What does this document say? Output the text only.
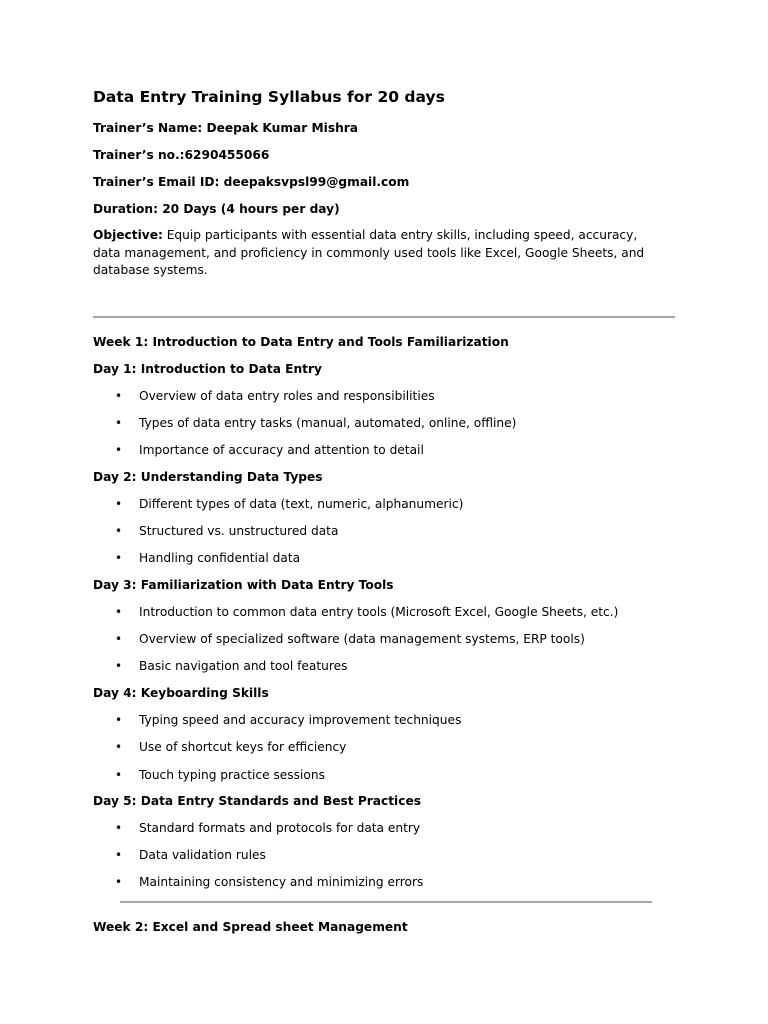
Data Entry Training Syllabus for 20 days
Trainer’s Name: Deepak Kumar Mishra
Trainer’s no.:6290455066
Trainer’s Email ID: deepaksvpsl99@gmail.com
Duration: 20 Days (4 hours per day)
Objective: Equip participants with essential data entry skills, including speed, accuracy, data management, and proficiency in commonly used tools like Excel, Google Sheets, and database systems.
Week 1: Introduction to Data Entry and Tools Familiarization
Day 1: Introduction to Data Entry
• Overview of data entry roles and responsibilities
• Types of data entry tasks (manual, automated, online, offline)
• Importance of accuracy and attention to detail
Day 2: Understanding Data Types
• Different types of data (text, numeric, alphanumeric)
• Structured vs. unstructured data
• Handling confidential data
Day 3: Familiarization with Data Entry Tools
• Introduction to common data entry tools (Microsoft Excel, Google Sheets, etc.)
• Overview of specialized software (data management systems, ERP tools)
• Basic navigation and tool features
Day 4: Keyboarding Skills
• Typing speed and accuracy improvement techniques
• Use of shortcut keys for efficiency
• Touch typing practice sessions
Day 5: Data Entry Standards and Best Practices
• Standard formats and protocols for data entry
• Data validation rules
• Maintaining consistency and minimizing errors
Week 2: Excel and Spread sheet Management
